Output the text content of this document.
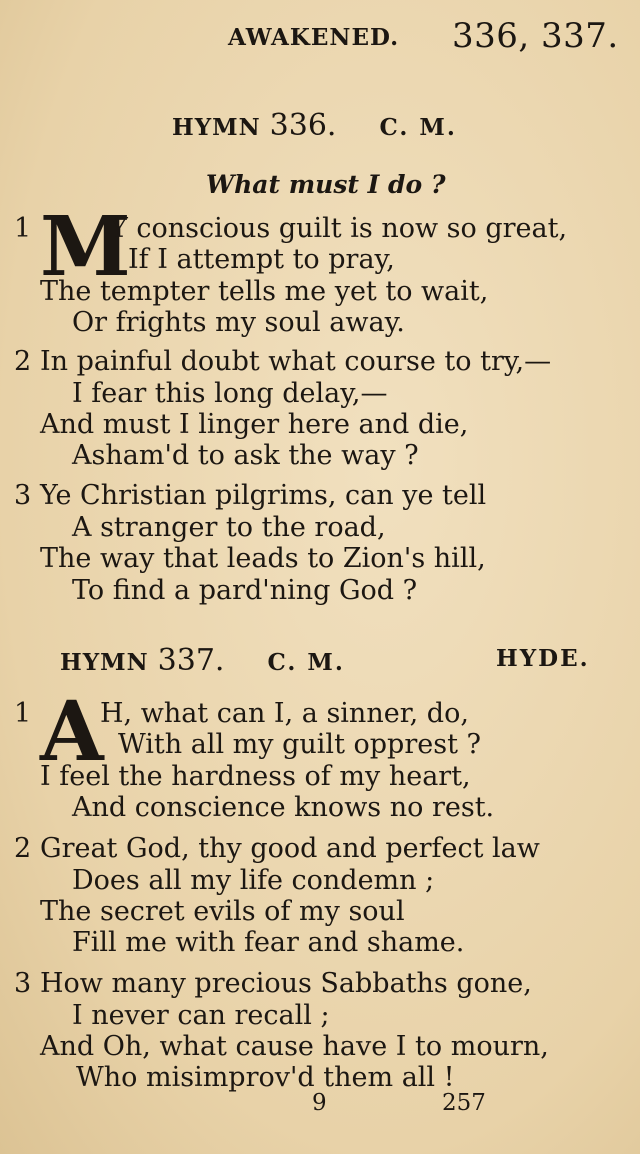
AWAKENED. 336, 337.
HYMN 336. C. M.
What must I do ?
1 M
Y conscious guilt is now so great,
If I attempt to pray,
The tempter tells me yet to wait,
Or frights my soul away.
2 In painful doubt what course to try,—
I fear this long delay,—
And must I linger here and die,
Asham'd to ask the way ?
3 Ye Christian pilgrims, can ye tell
A stranger to the road,
The way that leads to Zion's hill,
To find a pard'ning God ?
HYMN 337. C. M.	HYDE.
1 A
H, what can I, a sinner, do,
With all my guilt opprest ?
I feel the hardness of my heart,
And conscience knows no rest.
2 Great God, thy good and perfect law
Does all my life condemn ;
The secret evils of my soul
Fill me with fear and shame.
3 How many precious Sabbaths gone,
I never can recall ;
And Oh, what cause have I to mourn,
Who misimprov'd them all !
9	257
